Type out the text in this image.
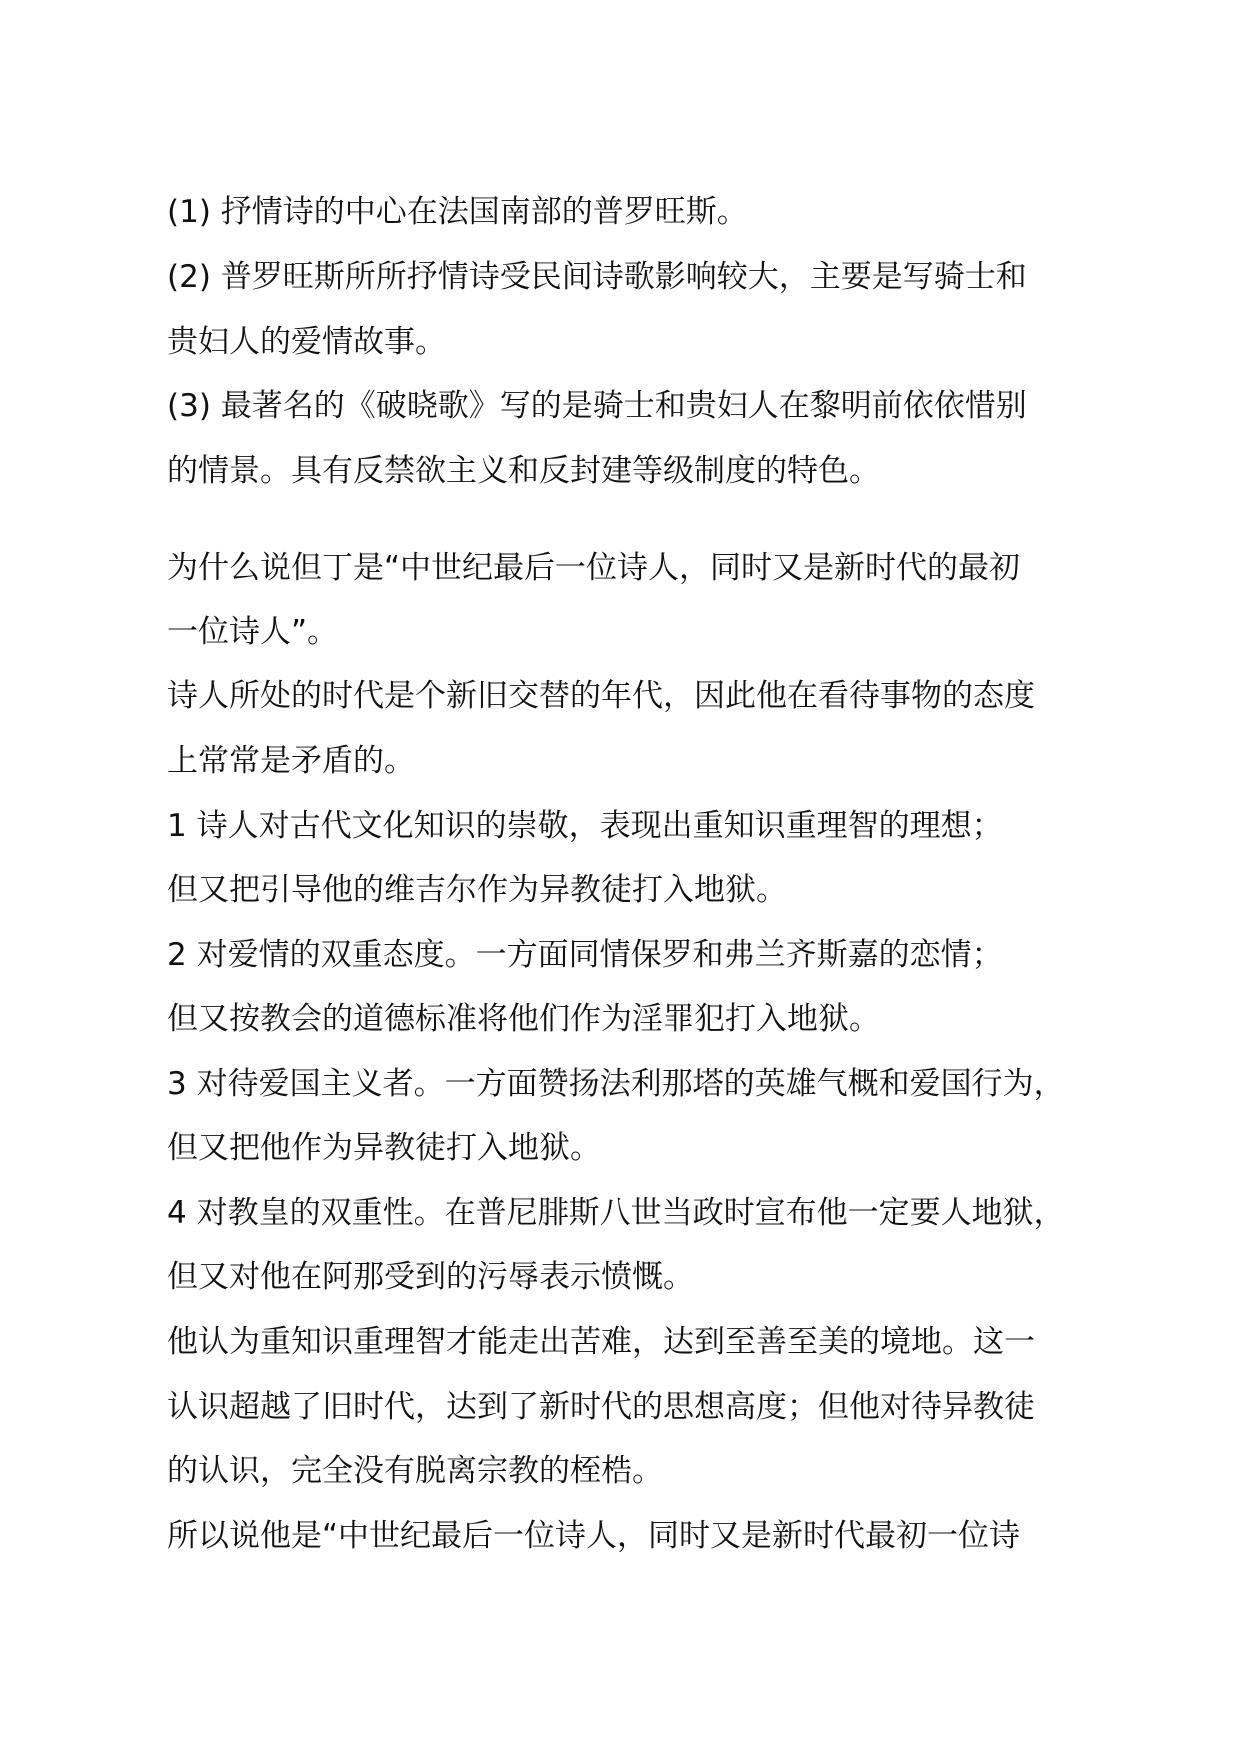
(1) 抒情诗的中心在法国南部的普罗旺斯。
(2) 普罗旺斯所所抒情诗受民间诗歌影响较大，主要是写骑士和
贵妇人的爱情故事。
(3) 最著名的《破晓歌》写的是骑士和贵妇人在黎明前依依惜别
的情景。具有反禁欲主义和反封建等级制度的特色。
为什么说但丁是“中世纪最后一位诗人，同时又是新时代的最初
一位诗人”。
诗人所处的时代是个新旧交替的年代，因此他在看待事物的态度
上常常是矛盾的。
1 诗人对古代文化知识的崇敬，表现出重知识重理智的理想；
但又把引导他的维吉尔作为异教徒打入地狱。
2 对爱情的双重态度。一方面同情保罗和弗兰齐斯嘉的恋情；
但又按教会的道德标准将他们作为淫罪犯打入地狱。
3 对待爱国主义者。一方面赞扬法利那塔的英雄气概和爱国行为，
但又把他作为异教徒打入地狱。
4 对教皇的双重性。在普尼腓斯八世当政时宣布他一定要人地狱，
但又对他在阿那受到的污辱表示愤慨。
他认为重知识重理智才能走出苦难，达到至善至美的境地。这一
认识超越了旧时代，达到了新时代的思想高度；但他对待异教徒
的认识，完全没有脱离宗教的桎梏。
所以说他是“中世纪最后一位诗人，同时又是新时代最初一位诗
